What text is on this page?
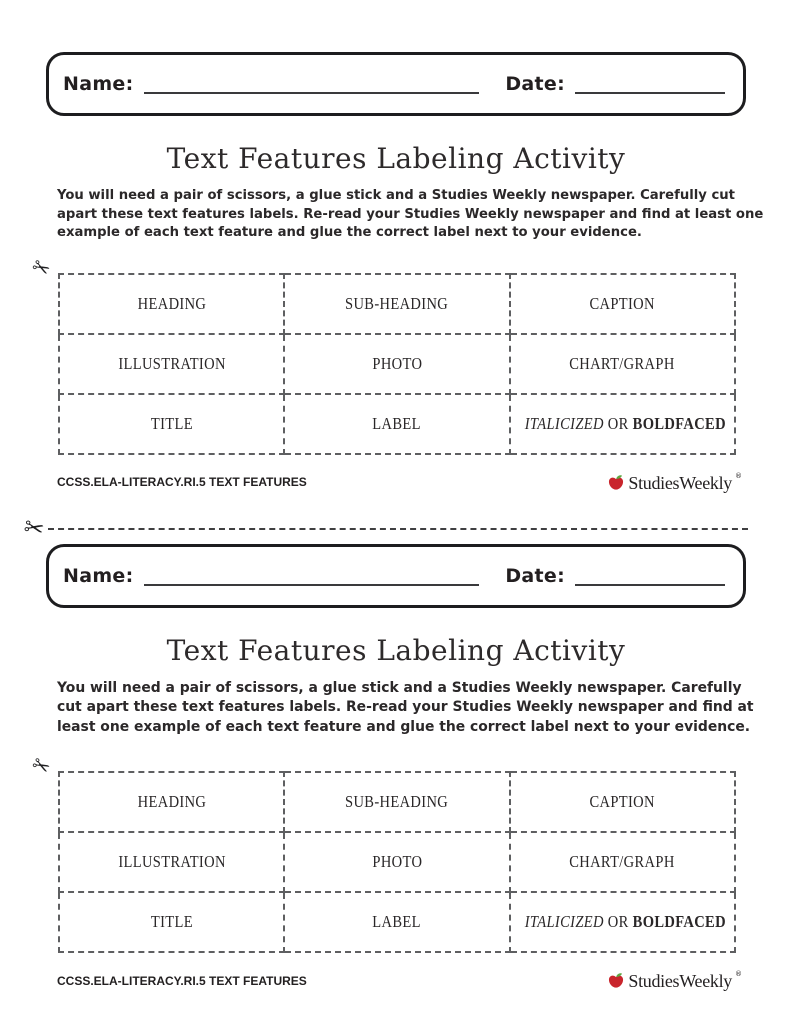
Name:	Date:
Text Features Labeling Activity
You will need a pair of scissors, a glue stick and a Studies Weekly newspaper. Carefully cut
apart these text features labels. Re-read your Studies Weekly newspaper and find at least one
example of each text feature and glue the correct label next to your evidence.
✂
HEADING	SUB-HEADING	CAPTION
ILLUSTRATION	PHOTO	CHART/GRAPH
TITLE	LABEL	ITALICIZED OR BOLDFACED
CCSS.ELA-LITERACY.RI.5 TEXT FEATURES	StudiesWeekly ®
✂
Name:	Date:
Text Features Labeling Activity
You will need a pair of scissors, a glue stick and a Studies Weekly newspaper. Carefully
cut apart these text features labels. Re-read your Studies Weekly newspaper and find at
least one example of each text feature and glue the correct label next to your evidence.
✂
HEADING	SUB-HEADING	CAPTION
ILLUSTRATION	PHOTO	CHART/GRAPH
TITLE	LABEL	ITALICIZED OR BOLDFACED
CCSS.ELA-LITERACY.RI.5 TEXT FEATURES	StudiesWeekly ®
